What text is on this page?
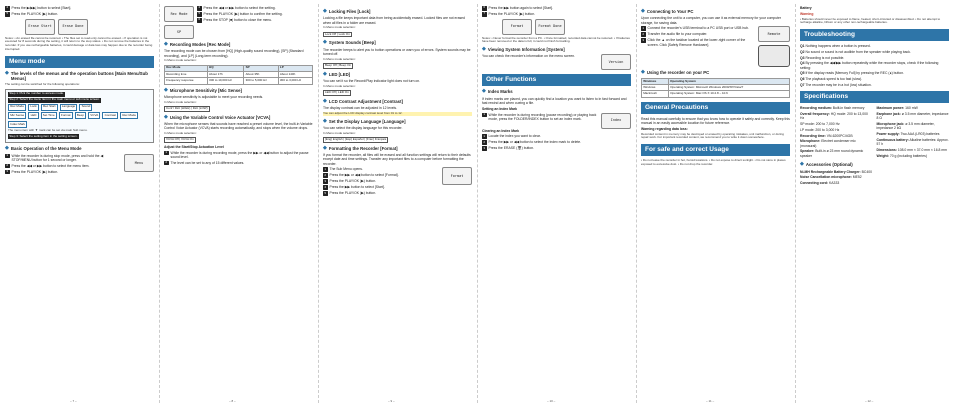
4	Press the ▶/▶▶| button to select [Start].
5	Press the PLAY/OK (▶) button.
Erase Start	Erase Done

Notes: • An erased file cannot be restored. • The files set to read-only cannot be erased. • If operation is not executed for 8 seconds during the setting, it will return to the stop status. • Do not remove the batteries in the recorder. If you use rechargeable batteries, it could damage or data loss may happen due to the recorder being interrupted.

Menu mode
◆ The levels of the menus and the operation buttons [Main Menu/Sub Menus]

The setting can be switched for the following operations:

Step 1: Pick the number to access mode.
Step 2: Select the menu item in the main menu or sub menu screen.
Rec Mode	Lock	Rec Start	Language	Sound
Mic Sense	LED	Set Time	Format	Beep	VCVA	Contrast	Rec Mode
Index Mark

The menu item with ▼ mark can be set via main Sub menu.

Step 3: Select the setting item in the setting screen.
◆ Basic Operation of the Menu Mode
1	While the recorder is during stop mode, press and hold the ◀ STOP/MENU button for 1 second or longer.
2	Press the ◀◀ or ▶▶ button to select the menu item.
3	Press the PLAY/OK (▶) button.
Menu
– 7 –
Rec Mode
4	Press the ◀◀ or ▶▶ button to select the setting.
5	Press the PLAY/OK (▶) button to confirm the setting.
6	Press the STOP (■) button to close the menu.
SP
◆ Recording Modes [Rec Mode]

The recording mode can be chosen from [HQ] (High-quality sound recording), [SP] (Standard recording), and [LP] (Long-term recording).

In Menu mode selection:

Rec Mode	HQ	SP	LP
Recording time	About 17h	About 35h	About 140h
Frequency response	300 to 10,000 Hz	300 to 5,000 Hz	300 to 3,000 Hz
◆ Microphone Sensitivity [Mic Sense]

Microphone sensitivity is adjustable to meet your recording needs.

In Menu mode selection:

Conf / Dict (HIGH) | Dict (LOW)
◆ Using the Variable Control Voice Actuator [VCVA]

When the microphone senses that sounds have reached a preset volume level, the built-in Variable Control Voice Actuator (VCVA) starts recording automatically, and stops when the volume drops.

In Menu mode selection:

VCVA Off | VCVA On

Adjust the Start/Stop Actuation Level

1	While the recorder is during recording mode, press the ▶▶ or ◀◀ button to adjust the pause sound level.
2	The level can be set to any of 15 different values.
– 8 –
◆ Locking Files [Lock]

Locking a file keeps important data from being accidentally erased. Locked files are not erased when all files in a folder are erased.

In Menu mode selection:

Lock Off | Lock On
◆ System Sounds [Beep]

The recorder beeps to alert you to button operations or warn you of errors. System sounds may be turned off.

In Menu mode selection:

Beep Off | Beep On
◆ LED [LED]

You can set it so the Record/Play indicator light does not turn on.

In Menu mode selection:

LED Off | LED On
◆ LCD Contrast Adjustment [Contrast]

The display contrast can be adjusted in 12 levels.

You can adjust the LCD display contrast level from 01 to 12.

◆ Set the Display Language [Language]

You can select the display language for this recorder.

In Menu mode selection:

[Eng] English | [Esp] Español | [Fran] Français
◆ Formatting the Recorder [Format]

If you format the recorder, all files will be erased and all function settings will return to their defaults except date and time settings. Transfer any important files to a computer before formatting the recorder.

1	The Sub Menu opens.
2	Press the ▶▶ or ◀◀ button to select [Format].
3	Press the PLAY/OK (▶) button.
4	Press the ▶▶ button to select [Start].
5	Press the PLAY/OK (▶) button.
Format
– 9 –
6	Press the ▶▶ button again to select [Start].
7	Press the PLAY/OK (▶) button.
Format	Format Done

Notes: • Never format the recorder from a PC. • Once formatted, recorded data cannot be restored. • If batteries have been removed or the data is full, it could not finish formatting.

◆ Viewing System Information [System]

You can check the recorder's information on the menu screen.

Version
Other Functions
◆ Index Marks

If index marks are placed, you can quickly find a location you want to listen to in fast forward and fast rewind and when cueing a file.

Setting an Index Mark

1	While the recorder is during recording (pause recording) or playing back mode, press the FOLDER/INDEX button to set an index mark.	Index

Clearing an Index Mark

1	Locate the index you want to clear.
2	Press the ▶▶ or ◀◀ button to select the index mark to delete.
3	Press the ERASE (🗑) button.
– 10 –
◆ Connecting to Your PC

Upon connecting the unit to a computer, you can use it as external memory for your computer storage, for saving data.

1	Connect the recorder's USB terminal to a PC USB port or USB hub.
2	Transfer the audio file to your computer.
3	Click the ▲ on the taskbar located at the lower-right corner of the screen. Click [Safely Remove Hardware].
Remote
◆ Using the recorder on your PC
Windows	Operating System
Windows	Operating System: Microsoft Windows 2000/XP/Vista/7
Macintosh	Operating System: Mac OS X 10.2.8 – 10.6
General Precautions

Read this manual carefully to ensure that you know how to operate it safely and correctly. Keep this manual in an easily accessible location for future reference.

Warning regarding data loss:

Recorded content in memory may be destroyed or erased by operating mistakes, unit malfunction, or during repair work. For important recorded content, we recommend you to write it down somewhere.

For safe and correct Usage

• Do not leave the recorder in hot, humid locations. • Do not expose to direct sunlight. • Do not store in places exposed to excessive dust. • Do not drop the recorder.

– 11 –

Battery

Warning

• Batteries should never be exposed to flame, heated, short-circuited or disassembled. • Do not attempt to recharge alkaline, lithium or any other non-rechargeable batteries.

Troubleshooting

Q1 Nothing happens when a button is pressed.

Q2 No sound or sound is not audible from the speaker while playing back.

Q3 Recording is not possible.

Q4 By pressing the ◀◀/▶▶ button repeatedly while the recorder stops, check if the following setting:

Q5 If the display reads [Memory Full] by pressing the REC (●) button.

Q6 The playback speed is too fast (slow).

Q7 The recorder may be in a hot (low) situation.

Specifications

Recording medium: Built-in flash memory

Overall frequency: HQ mode: 200 to 13,000 Hz

SP mode: 200 to 7,000 Hz

LP mode: 200 to 3,000 Hz

Recording time: VN-6200PC/4GB

Microphone: Electret condenser mic (monaural)

Speaker: Built-in ø 23 mm round dynamic speaker

Maximum power: 160 mW

Earphone jack: ø 3.5 mm diameter, impedance 8 Ω

Microphone jack: ø 3.5 mm diameter, impedance 2 kΩ

Power supply: Two AAA (LR03) batteries

Continuous battery: Alkaline batteries: Approx. 57 h

Dimensions: 108.0 mm × 37.0 mm × 16.8 mm

Weight: 70 g (including batteries)

◆ Accessories (Optional)

Ni-MH Rechargeable Battery Charger: BC400

Noise Cancellation microphone: ME52

Connecting cord: KA333

– 12 –
